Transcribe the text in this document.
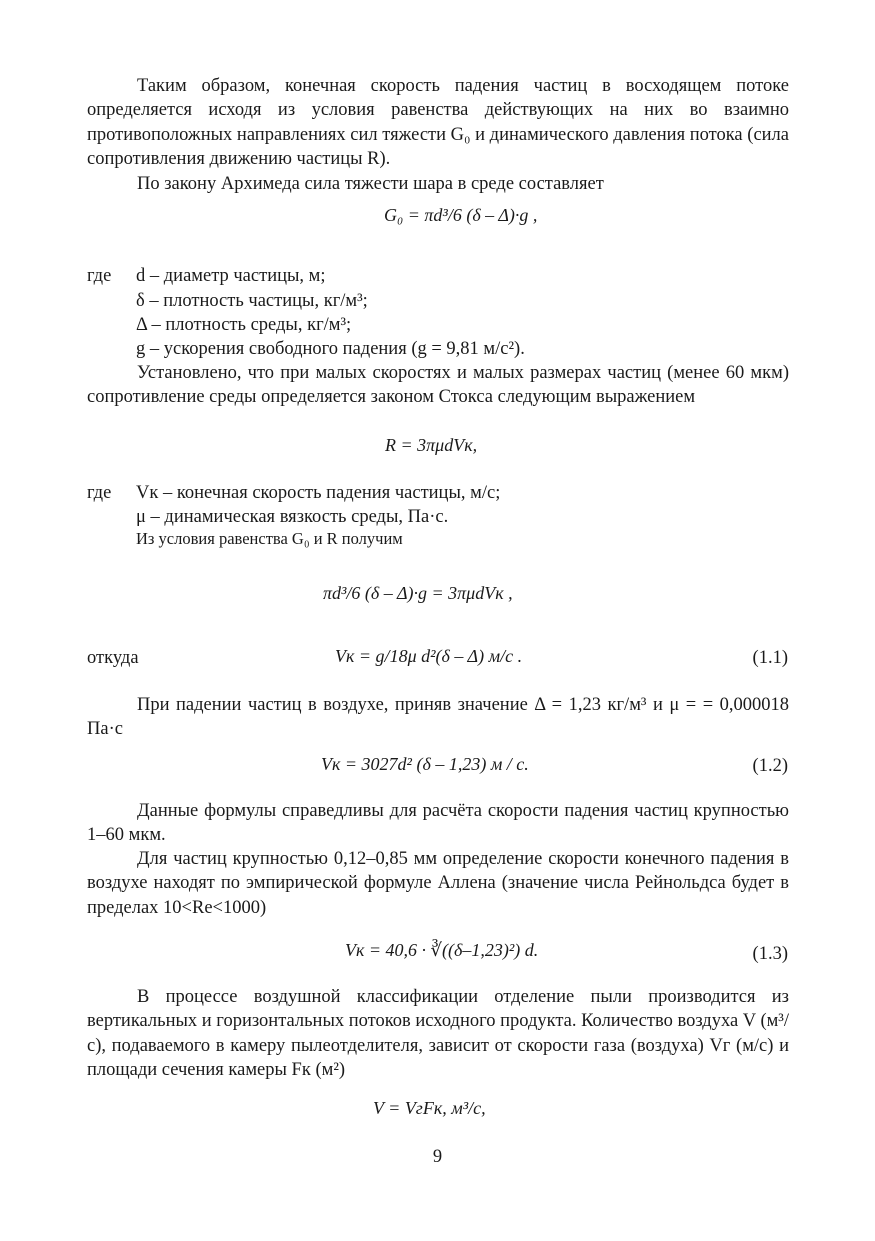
Таким образом, конечная скорость падения частиц в восходящем потоке определяется исходя из условия равенства действующих на них во взаимно противоположных направлениях сил тяжести G₀ и динамического давления потока (сила сопротивления движению частицы R).
По закону Архимеда сила тяжести шара в среде составляет
G₀ = πd³/6 (δ – Δ)·g ,
где d – диаметр частицы, м;
δ – плотность частицы, кг/м³;
Δ – плотность среды, кг/м³;
g – ускорения свободного падения (g = 9,81 м/с²).
Установлено, что при малых скоростях и малых размерах частиц (менее 60 мкм) сопротивление среды определяется законом Стокса следующим выражением
R = 3πμdVк,
где Vк – конечная скорость падения частицы, м/с;
μ – динамическая вязкость среды, Па·с.
Из условия равенства G₀ и R получим
πd³/6 (δ – Δ)·g = 3πμdVк ,
откуда	Vк = g/18μ d²(δ – Δ) м/с .	(1.1)
При падении частиц в воздухе, приняв значение Δ = 1,23 кг/м³ и μ = = 0,000018 Па·с
Vк = 3027d² (δ – 1,23) м / с.	(1.2)
Данные формулы справедливы для расчёта скорости падения частиц крупностью 1–60 мкм.
Для частиц крупностью 0,12–0,85 мм определение скорости конечного падения в воздухе находят по эмпирической формуле Аллена (значение числа Рейнольдса будет в пределах 10<Re<1000)
Vк = 40,6 · ∛((δ–1,23)²) d.	(1.3)
В процессе воздушной классификации отделение пыли производится из вертикальных и горизонтальных потоков исходного продукта. Количество воздуха V (м³/с), подаваемого в камеру пылеотделителя, зависит от скорости газа (воздуха) Vг (м/с) и площади сечения камеры Fк (м²)
V = VгFк, м³/с,
9
